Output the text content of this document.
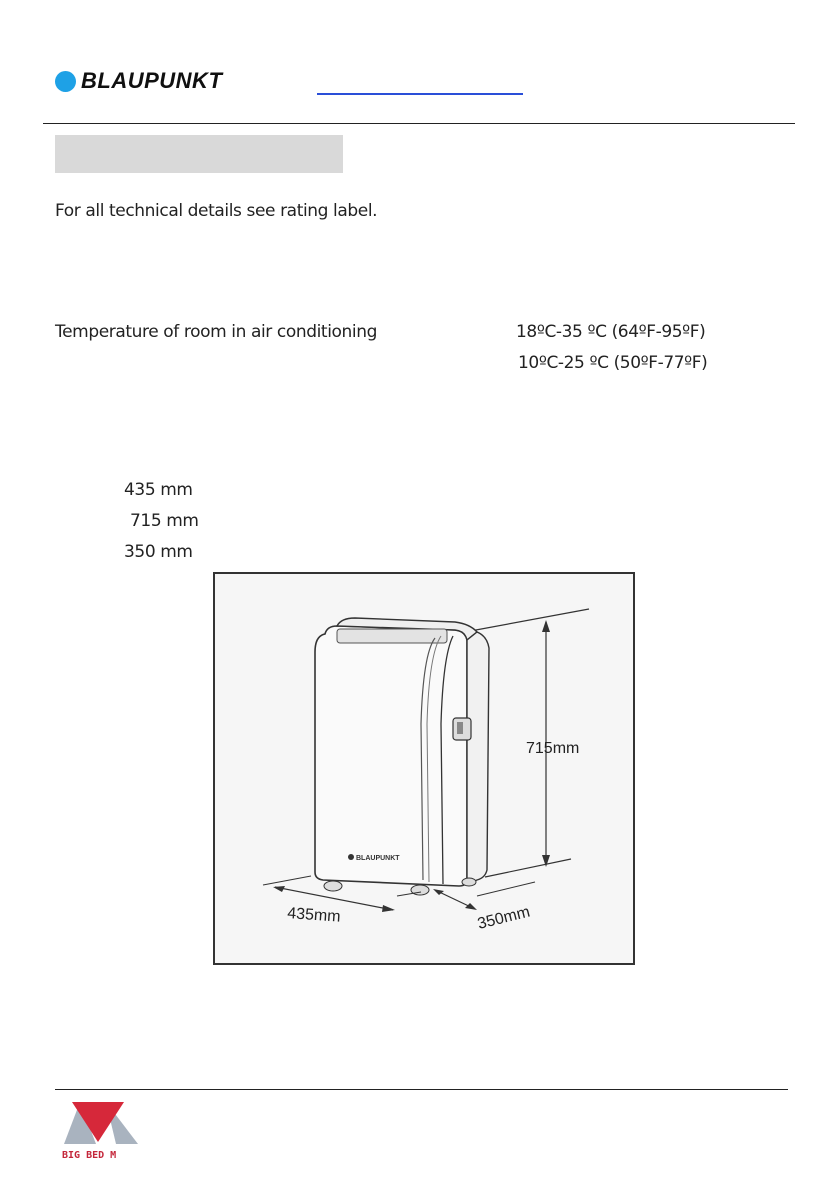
BLAUPUNKT
For all technical details see rating label.
Temperature of room in air conditioning	18ºC-35 ºC (64ºF-95ºF)
10ºC-25 ºC (50ºF-77ºF)
435 mm
715 mm
350 mm
BLAUPUNKT
715mm
435mm	350mm
BIG BED M
